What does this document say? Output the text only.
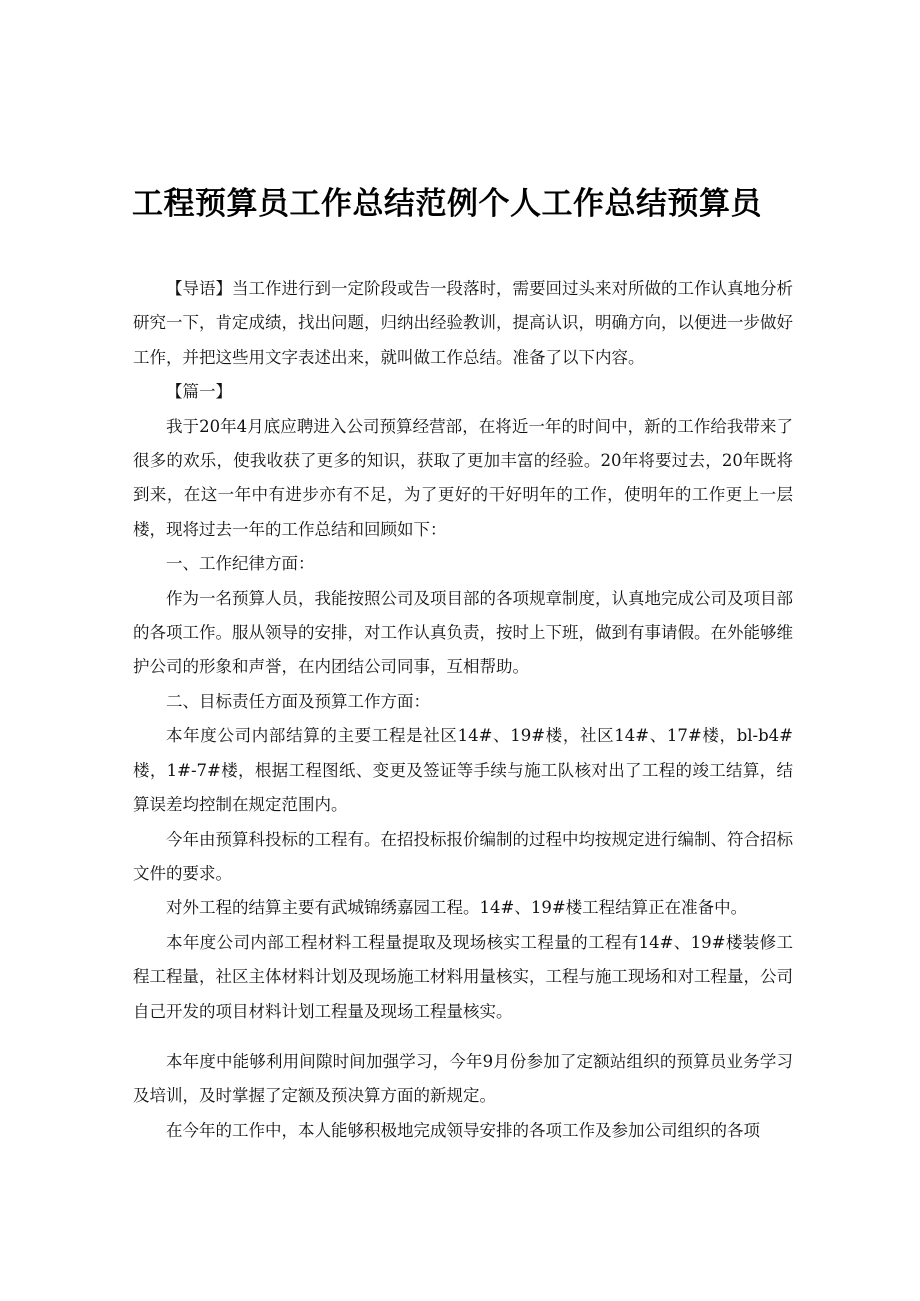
工程预算员工作总结范例个人工作总结预算员

【导语】当工作进行到一定阶段或告一段落时，需要回过头来对所做的工作认真地分析研究一下，肯定成绩，找出问题，归纳出经验教训，提高认识，明确方向，以便进一步做好工作，并把这些用文字表述出来，就叫做工作总结。准备了以下内容。

【篇一】

我于20年4月底应聘进入公司预算经营部，在将近一年的时间中，新的工作给我带来了很多的欢乐，使我收获了更多的知识，获取了更加丰富的经验。20年将要过去，20年既将到来，在这一年中有进步亦有不足，为了更好的干好明年的工作，使明年的工作更上一层楼，现将过去一年的工作总结和回顾如下：

一、工作纪律方面：

作为一名预算人员，我能按照公司及项目部的各项规章制度，认真地完成公司及项目部的各项工作。服从领导的安排，对工作认真负责，按时上下班，做到有事请假。在外能够维护公司的形象和声誉，在内团结公司同事，互相帮助。

二、目标责任方面及预算工作方面：

本年度公司内部结算的主要工程是社区14#、19#楼，社区14#、17#楼，bl-b4#楼，1#-7#楼，根据工程图纸、变更及签证等手续与施工队核对出了工程的竣工结算，结算误差均控制在规定范围内。

今年由预算科投标的工程有。在招投标报价编制的过程中均按规定进行编制、符合招标文件的要求。

对外工程的结算主要有武城锦绣嘉园工程。14#、19#楼工程结算正在准备中。

本年度公司内部工程材料工程量提取及现场核实工程量的工程有14#、19#楼装修工程工程量，社区主体材料计划及现场施工材料用量核实，工程与施工现场和对工程量，公司自己开发的项目材料计划工程量及现场工程量核实。

本年度中能够利用间隙时间加强学习，今年9月份参加了定额站组织的预算员业务学习及培训，及时掌握了定额及预决算方面的新规定。

在今年的工作中，本人能够积极地完成领导安排的各项工作及参加公司组织的各项
